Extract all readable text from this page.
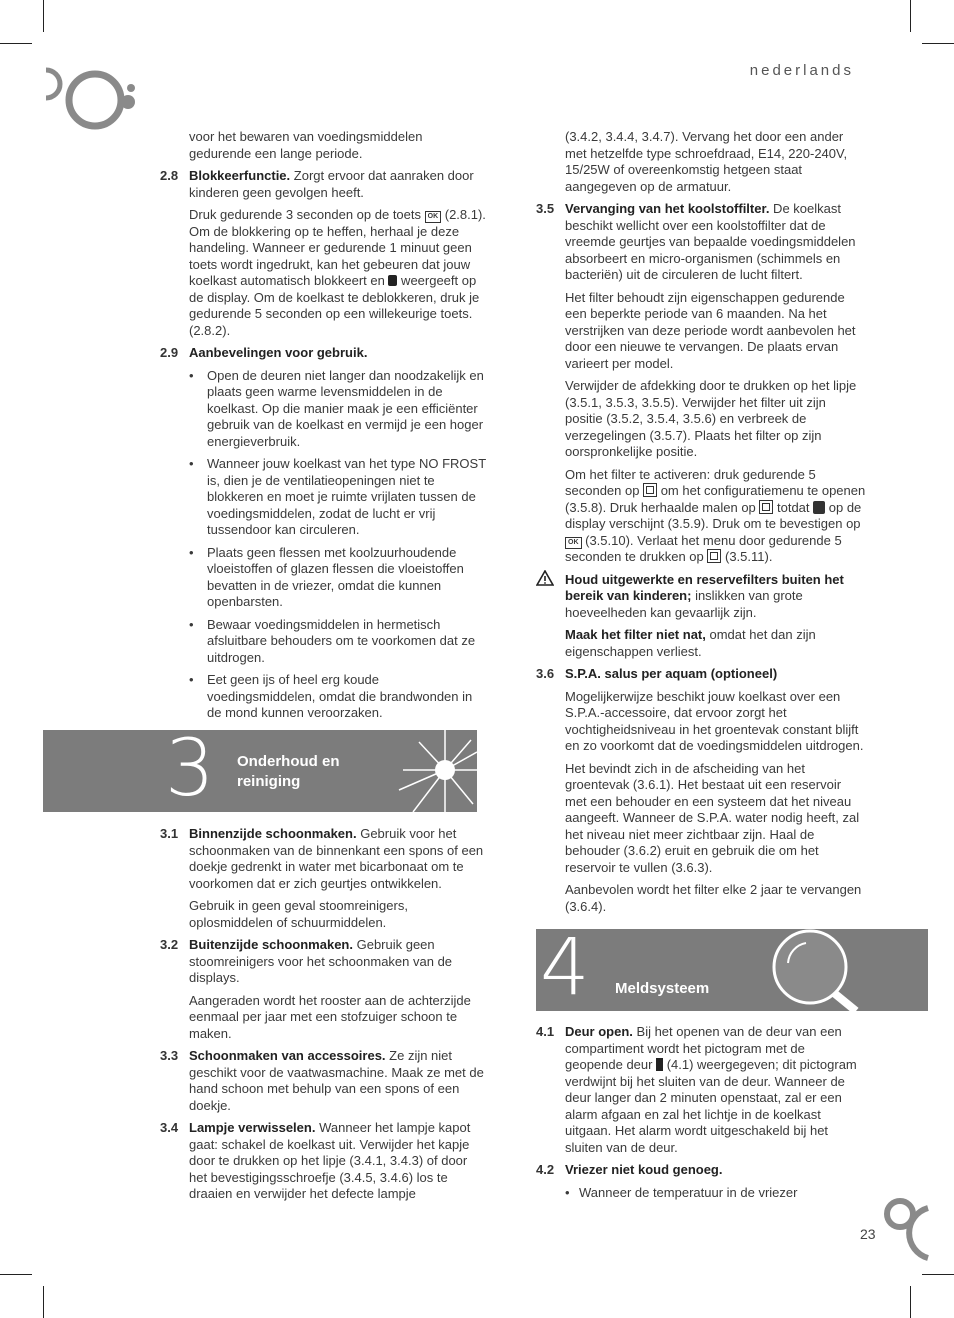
nederlands

voor het bewaren van voedingsmiddelen gedurende een lange periode.

2.8 Blokkeerfunctie. Zorgt ervoor dat aanraken door kinderen geen gevolgen heeft.

Druk gedurende 3 seconden op de toets OK (2.8.1). Om de blokkering op te heffen, herhaal je deze handeling. Wanneer er gedurende 1 minuut geen toets wordt ingedrukt, kan het gebeuren dat jouw koelkast automatisch blokkeert en  weergeeft op de display. Om de koelkast te deblokkeren, druk je gedurende 5 seconden op een willekeurige toets. (2.8.2).

2.9 Aanbevelingen voor gebruik.
•	Open de deuren niet langer dan noodzakelijk en plaats geen warme levensmiddelen in de koelkast. Op die manier maak je een efficiënter gebruik van de koelkast en vermijd je een hoger energieverbruik.
•	Wanneer jouw koelkast van het type NO FROST is, dien je de ventilatieopeningen niet te blokkeren en moet je ruimte vrijlaten tussen de voedingsmiddelen, zodat de lucht er vrij tussendoor kan circuleren.
•	Plaats geen flessen met koolzuurhoudende vloeistoffen of glazen flessen die vloeistoffen bevatten in de vriezer, omdat die kunnen openbarsten.
•	Bewaar voedingsmiddelen in hermetisch afsluitbare behouders om te voorkomen dat ze uitdrogen.
•	Eet geen ijs of heel erg koude voedingsmiddelen, omdat die brandwonden in de mond kunnen veroorzaken.
3 Onderhoud en reiniging
3.1 Binnenzijde schoonmaken. Gebruik voor het schoonmaken van de binnenkant een spons of een doekje gedrenkt in water met bicarbonaat om te voorkomen dat er zich geurtjes ontwikkelen.

Gebruik in geen geval stoomreinigers, oplosmiddelen of schuurmiddelen.

3.2 Buitenzijde schoonmaken. Gebruik geen stoomreinigers voor het schoonmaken van de displays.

Aangeraden wordt het rooster aan de achterzijde eenmaal per jaar met een stofzuiger schoon te maken.

3.3 Schoonmaken van accessoires. Ze zijn niet geschikt voor de vaatwasmachine. Maak ze met de hand schoon met behulp van een spons of een doekje.
3.4 Lampje verwisselen. Wanneer het lampje kapot gaat: schakel de koelkast uit. Verwijder het kapje door te drukken op het lipje (3.4.1, 3.4.3) of door het bevestigingsschroefje (3.4.5, 3.4.6) los te draaien en verwijder het defecte lampje

(3.4.2, 3.4.4, 3.4.7). Vervang het door een ander met hetzelfde type schroefdraad, E14, 220-240V, 15/25W of overeenkomstig hetgeen staat aangegeven op de armatuur.

3.5 Vervanging van het koolstoffilter. De koelkast beschikt wellicht over een koolstoffilter dat de vreemde geurtjes van bepaalde voedingsmiddelen absorbeert en micro-organismen (schimmels en bacteriën) uit de circuleren de lucht filtert.

Het filter behoudt zijn eigenschappen gedurende een beperkte periode van 6 maanden. Na het verstrijken van deze periode wordt aanbevolen het door een nieuwe te vervangen. De plaats ervan varieert per model.

Verwijder de afdekking door te drukken op het lipje (3.5.1, 3.5.3, 3.5.5). Verwijder het filter uit zijn positie (3.5.2, 3.5.4, 3.5.6) en verbreek de verzegelingen (3.5.7). Plaats het filter op zijn oorspronkelijke positie.

Om het filter te activeren: druk gedurende 5 seconden op  om het configuratiemenu te openen (3.5.8). Druk herhaalde malen op  totdat  op de display verschijnt (3.5.9). Druk om te bevestigen op OK (3.5.10). Verlaat het menu door gedurende 5 seconden te drukken op  (3.5.11).

Houd uitgewerkte en reservefilters buiten het bereik van kinderen; inslikken van grote hoeveelheden kan gevaarlijk zijn.

Maak het filter niet nat, omdat het dan zijn eigenschappen verliest.

3.6 S.P.A. salus per aquam (optioneel)

Mogelijkerwijze beschikt jouw koelkast over een S.P.A.-accessoire, dat ervoor zorgt het vochtigheidsniveau in het groentevak constant blijft en zo voorkomt dat de voedingsmiddelen uitdrogen.

Het bevindt zich in de afscheiding van het groentevak (3.6.1). Het bestaat uit een reservoir met een behouder en een systeem dat het niveau aangeeft. Wanneer de S.P.A. water nodig heeft, zal het niveau niet meer zichtbaar zijn. Haal de behouder (3.6.2) eruit en gebruik die om het reservoir te vullen (3.6.3).

Aanbevolen wordt het filter elke 2 jaar te vervangen (3.6.4).

4 Meldsysteem
4.1 Deur open. Bij het openen van de deur van een compartiment wordt het pictogram met de geopende deur  (4.1) weergegeven; dit pictogram verdwijnt bij het sluiten van de deur. Wanneer de deur langer dan 2 minuten openstaat, zal er een alarm afgaan en zal het lichtje in de koelkast uitgaan. Het alarm wordt uitgeschakeld bij het sluiten van de deur.
4.2 Vriezer niet koud genoeg.
• Wanneer de temperatuur in de vriezer
23
